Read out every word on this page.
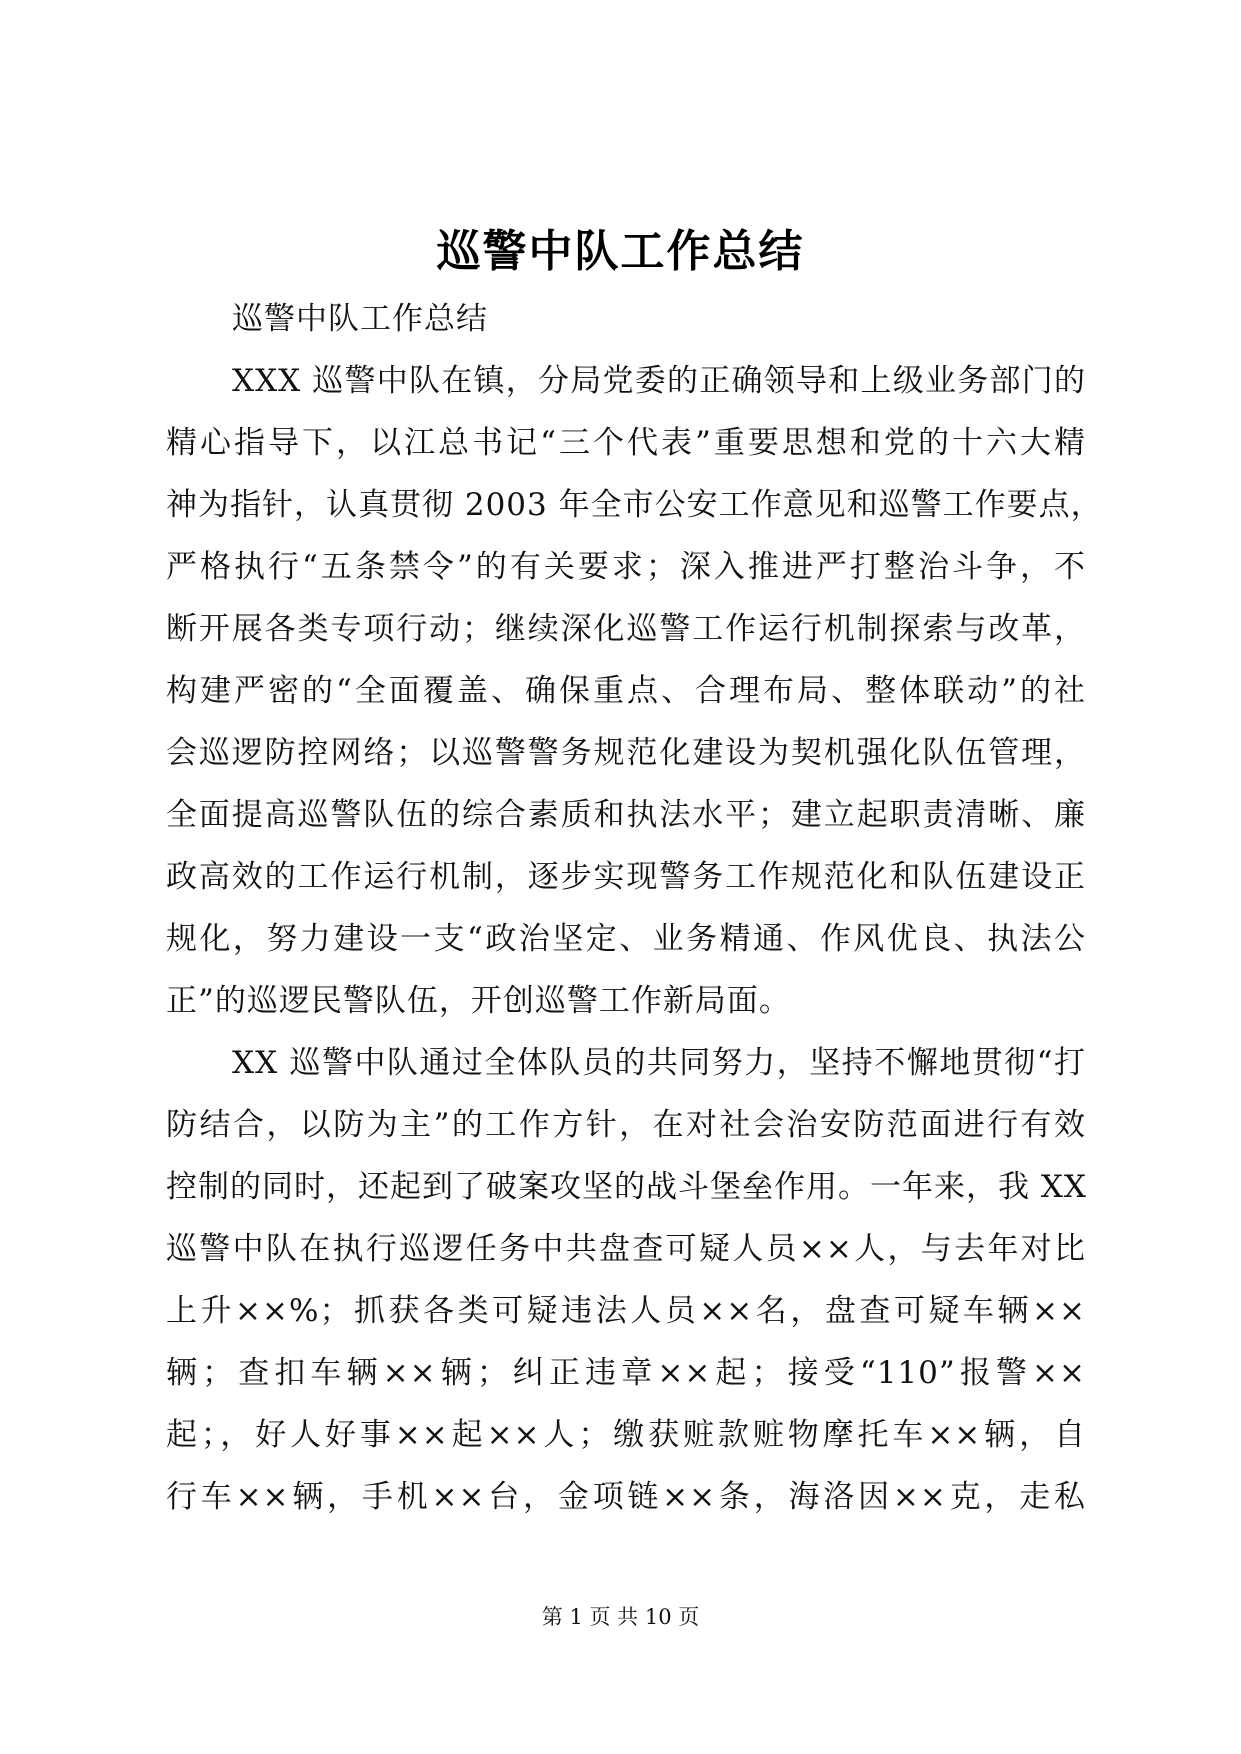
巡警中队工作总结
巡警中队工作总结
XXX 巡警中队在镇，分局党委的正确领导和上级业务部门的
精心指导下，以江总书记“三个代表”重要思想和党的十六大精
神为指针，认真贯彻 2003 年全市公安工作意见和巡警工作要点，
严格执行“五条禁令”的有关要求；深入推进严打整治斗争，不
断开展各类专项行动；继续深化巡警工作运行机制探索与改革，
构建严密的“全面覆盖、确保重点、合理布局、整体联动”的社
会巡逻防控网络；以巡警警务规范化建设为契机强化队伍管理，
全面提高巡警队伍的综合素质和执法水平；建立起职责清晰、廉
政高效的工作运行机制，逐步实现警务工作规范化和队伍建设正
规化，努力建设一支“政治坚定、业务精通、作风优良、执法公
正”的巡逻民警队伍，开创巡警工作新局面。
XX 巡警中队通过全体队员的共同努力，坚持不懈地贯彻“打
防结合，以防为主”的工作方针，在对社会治安防范面进行有效
控制的同时，还起到了破案攻坚的战斗堡垒作用。一年来，我 XX
巡警中队在执行巡逻任务中共盘查可疑人员××人，与去年对比
上升××%；抓获各类可疑违法人员××名，盘查可疑车辆××
辆；查扣车辆××辆；纠正违章××起；接受“110”报警××
起；，好人好事××起××人；缴获赃款赃物摩托车××辆，自
行车××辆，手机××台，金项链××条，海洛因××克，走私
第 1 页 共 10 页
